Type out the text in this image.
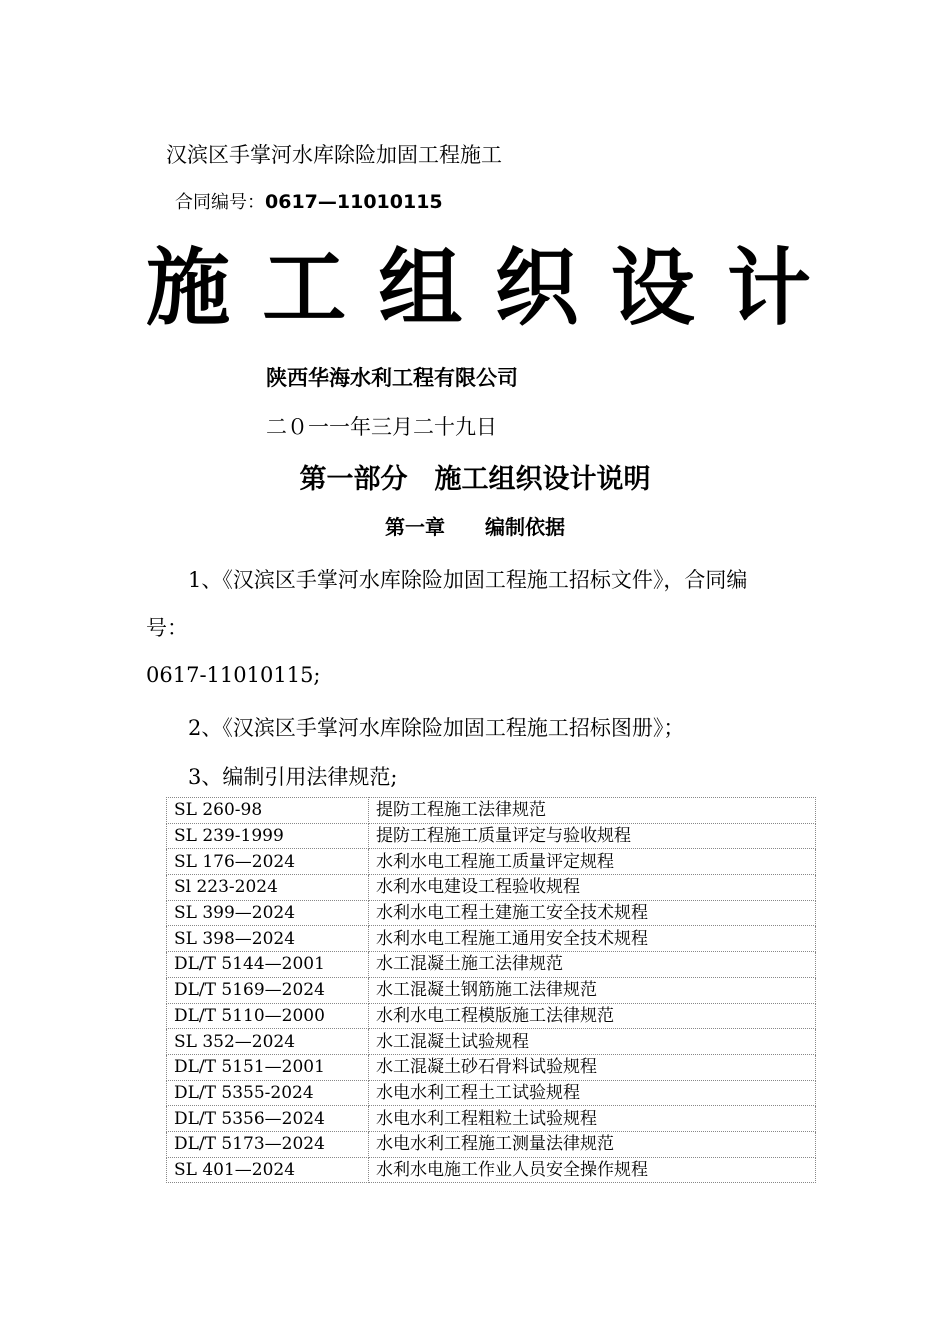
汉滨区手掌河水库除险加固工程施工
合同编号：0617—11010115
施 工 组 织 设 计
陕西华海水利工程有限公司
二０一一年三月二十九日
第一部分　施工组织设计说明
第一章　　编制依据
1、《汉滨区手掌河水库除险加固工程施工招标文件》，合同编
号：
0617-11010115;
2、《汉滨区手掌河水库除险加固工程施工招标图册》；
3、编制引用法律规范;
SL 260-98	提防工程施工法律规范
SL 239-1999	提防工程施工质量评定与验收规程
SL 176—2024	水利水电工程施工质量评定规程
Sl 223-2024	水利水电建设工程验收规程
SL 399—2024	水利水电工程土建施工安全技术规程
SL 398—2024	水利水电工程施工通用安全技术规程
DL/T 5144—2001	水工混凝土施工法律规范
DL/T 5169—2024	水工混凝土钢筋施工法律规范
DL/T 5110—2000	水利水电工程模版施工法律规范
SL 352—2024	水工混凝土试验规程
DL/T 5151—2001	水工混凝土砂石骨料试验规程
DL/T 5355-2024	水电水利工程土工试验规程
DL/T 5356—2024	水电水利工程粗粒土试验规程
DL/T 5173—2024	水电水利工程施工测量法律规范
SL 401—2024	水利水电施工作业人员安全操作规程
